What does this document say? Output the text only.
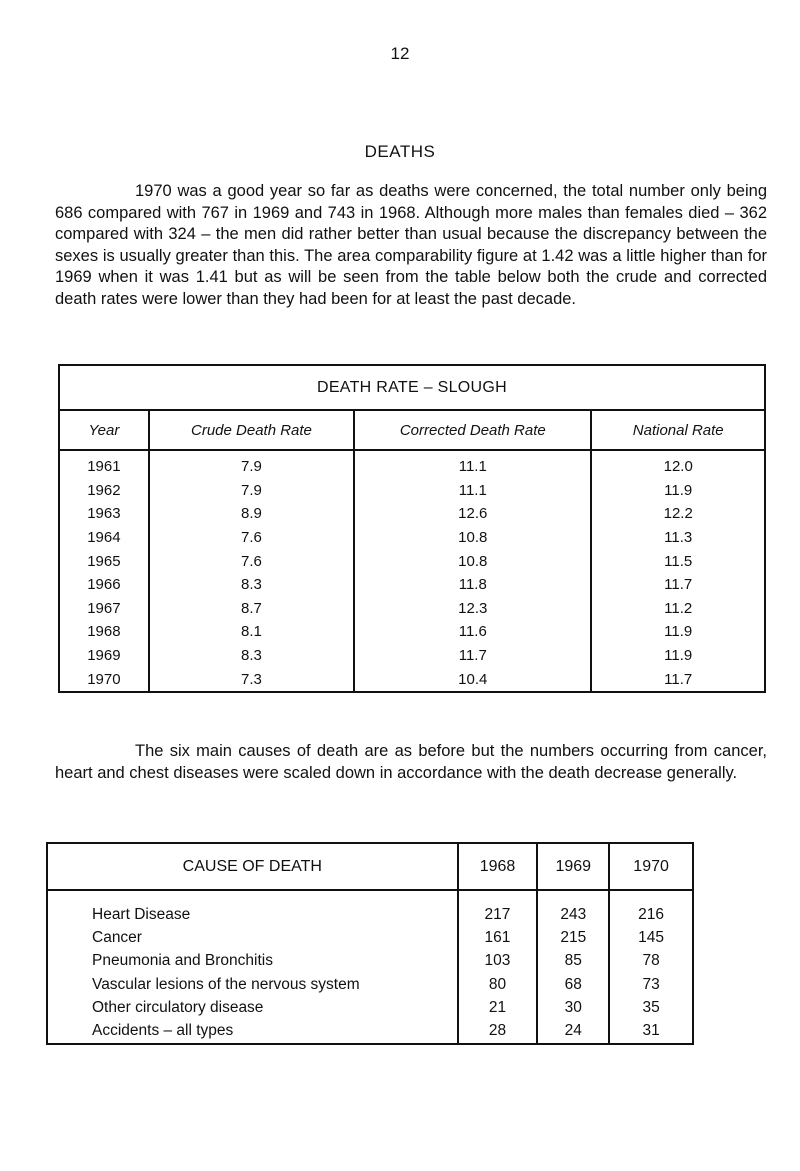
12
DEATHS

1970 was a good year so far as deaths were concerned, the total number only being 686 compared with 767 in 1969 and 743 in 1968. Although more males than females died – 362 compared with 324 – the men did rather better than usual because the discrepancy between the sexes is usually greater than this. The area comparability figure at 1.42 was a little higher than for 1969 when it was 1.41 but as will be seen from the table below both the crude and corrected death rates were lower than they had been for at least the past decade.

DEATH RATE – SLOUGH			
Year	Crude Death Rate	Corrected Death Rate	National Rate
1961	7.9	11.1	12.0
1962	7.9	11.1	11.9
1963	8.9	12.6	12.2
1964	7.6	10.8	11.3
1965	7.6	10.8	11.5
1966	8.3	11.8	11.7
1967	8.7	12.3	11.2
1968	8.1	11.6	11.9
1969	8.3	11.7	11.9
1970	7.3	10.4	11.7

The six main causes of death are as before but the numbers occurring from cancer, heart and chest diseases were scaled down in accordance with the death decrease generally.

CAUSE OF DEATH	1968	1969	1970
Heart Disease	217	243	216
Cancer	161	215	145
Pneumonia and Bronchitis	103	85	78
Vascular lesions of the nervous system	80	68	73
Other circulatory disease	21	30	35
Accidents – all types	28	24	31
